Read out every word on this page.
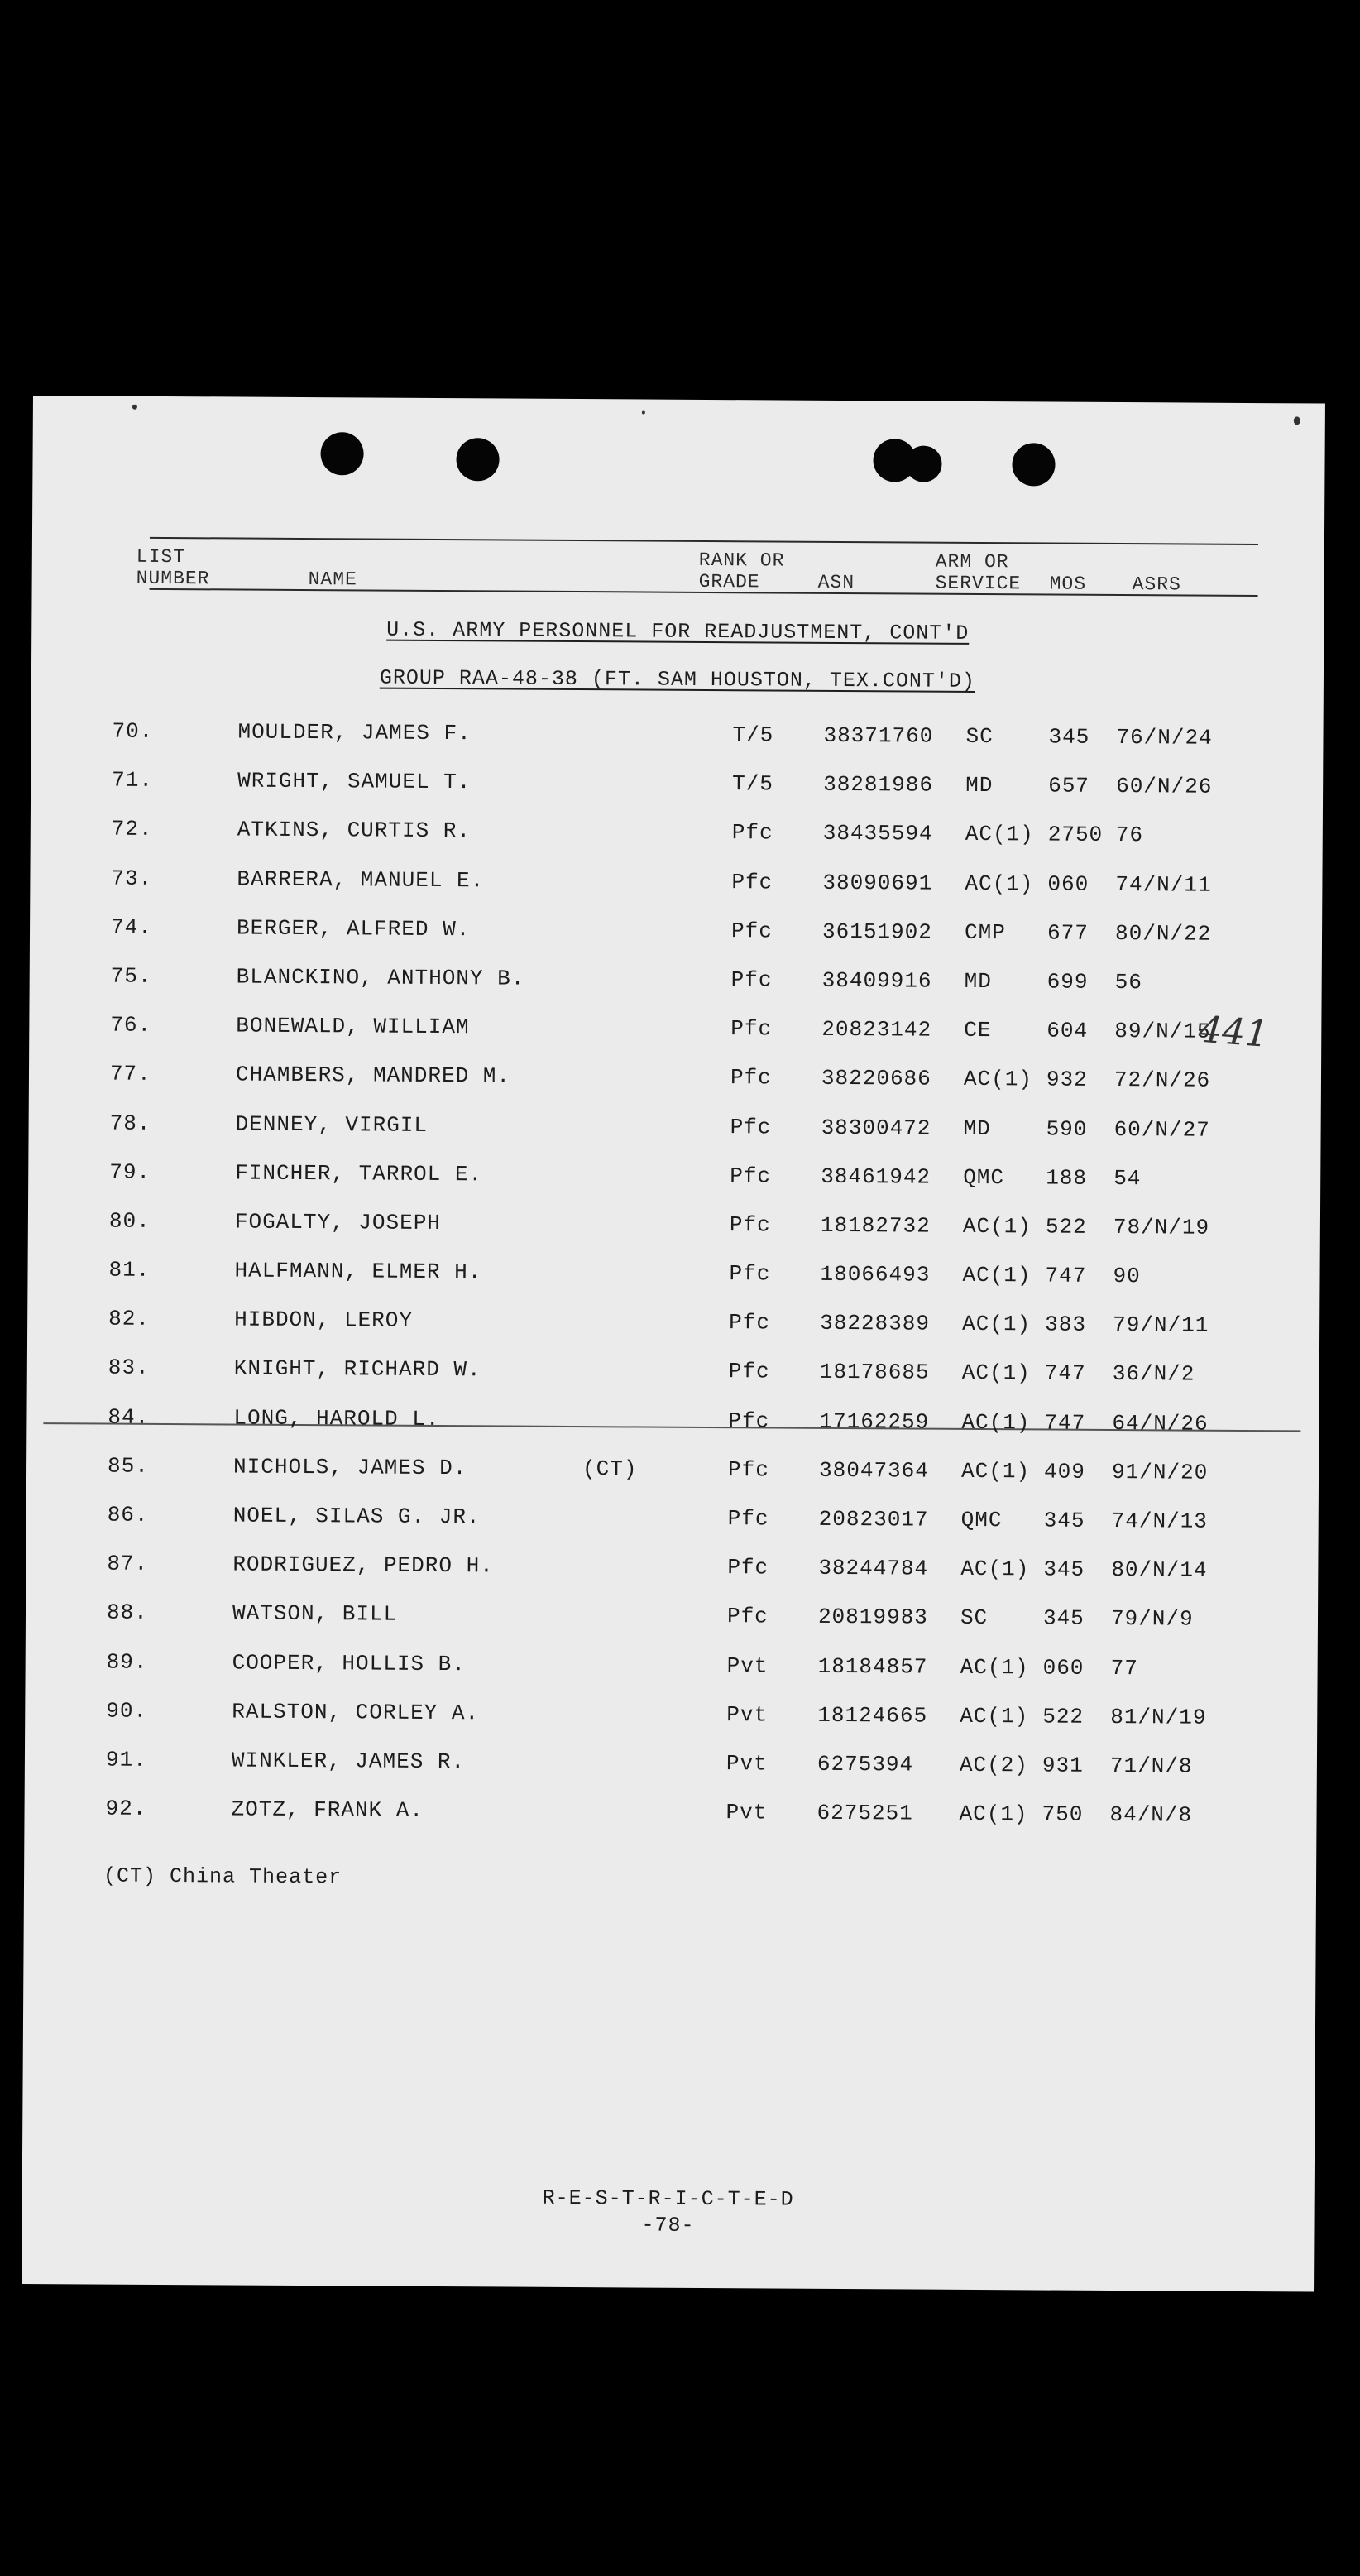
LIST
NUMBER	NAME
RANK OR
GRADE	ASN
ARM OR
SERVICE MOS ASRS
U.S. ARMY PERSONNEL FOR READJUSTMENT, CONT'D
GROUP RAA-48-38 (FT. SAM HOUSTON, TEX.CONT'D)
70.	MOULDER, JAMES F.	T/5 38371760 SC	345 76/N/24
71.	WRIGHT, SAMUEL T.	T/5 38281986 MD	657 60/N/26
72.	ATKINS, CURTIS R.	Pfc 38435594 AC(1) 2750 76
73.	BARRERA, MANUEL E.	Pfc 38090691 AC(1) 060 74/N/11
74.	BERGER, ALFRED W.	Pfc 36151902 CMP 677 80/N/22
75.	BLANCKINO, ANTHONY B.	Pfc 38409916 MD	699 56
76.	BONEWALD, WILLIAM	Pfc 20823142 CE	604 89/N/15
77.	CHAMBERS, MANDRED M.	Pfc 38220686 AC(1) 932 72/N/26
78.	DENNEY, VIRGIL	Pfc 38300472 MD	590 60/N/27
79.	FINCHER, TARROL E.	Pfc 38461942 QMC 188 54
80.	FOGALTY, JOSEPH	Pfc 18182732 AC(1) 522 78/N/19
81.	HALFMANN, ELMER H.	Pfc 18066493 AC(1) 747 90
82.	HIBDON, LEROY	Pfc 38228389 AC(1) 383 79/N/11
83.	KNIGHT, RICHARD W.	Pfc 18178685 AC(1) 747 36/N/2
84.	LONG, HAROLD L.	Pfc 17162259 AC(1) 747 64/N/26
85.	NICHOLS, JAMES D.	(CT)	Pfc 38047364 AC(1) 409 91/N/20
86.	NOEL, SILAS G. JR.	Pfc 20823017 QMC 345 74/N/13
87.	RODRIGUEZ, PEDRO H.	Pfc 38244784 AC(1) 345 80/N/14
88.	WATSON, BILL	Pfc 20819983 SC	345 79/N/9
89.	COOPER, HOLLIS B.	Pvt 18184857 AC(1) 060 77
90.	RALSTON, CORLEY A.	Pvt 18124665 AC(1) 522 81/N/19
91.	WINKLER, JAMES R.	Pvt 6275394 AC(2) 931 71/N/8
92.	ZOTZ, FRANK A.	Pvt 6275251 AC(1) 750 84/N/8
441
(CT) China Theater
R-E-S-T-R-I-C-T-E-D
-78-
